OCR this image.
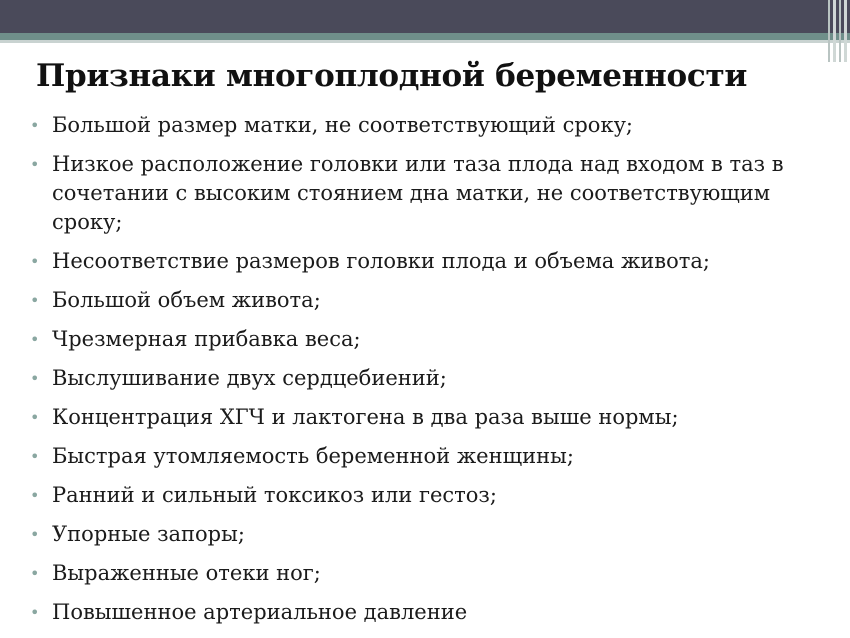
Признаки многоплодной беременности
• Большой размер матки, не соответствующий сроку;
• Низкое расположение головки или таза плода над входом в таз в сочетании с высоким стоянием дна матки, не соответствующим сроку;
• Несоответствие размеров головки плода и объема живота;
• Большой объем живота;
• Чрезмерная прибавка веса;
• Выслушивание двух сердцебиений;
• Концентрация ХГЧ и лактогена в два раза выше нормы;
• Быстрая утомляемость беременной женщины;
• Ранний и сильный токсикоз или гестоз;
• Упорные запоры;
• Выраженные отеки ног;
• Повышенное артериальное давление
